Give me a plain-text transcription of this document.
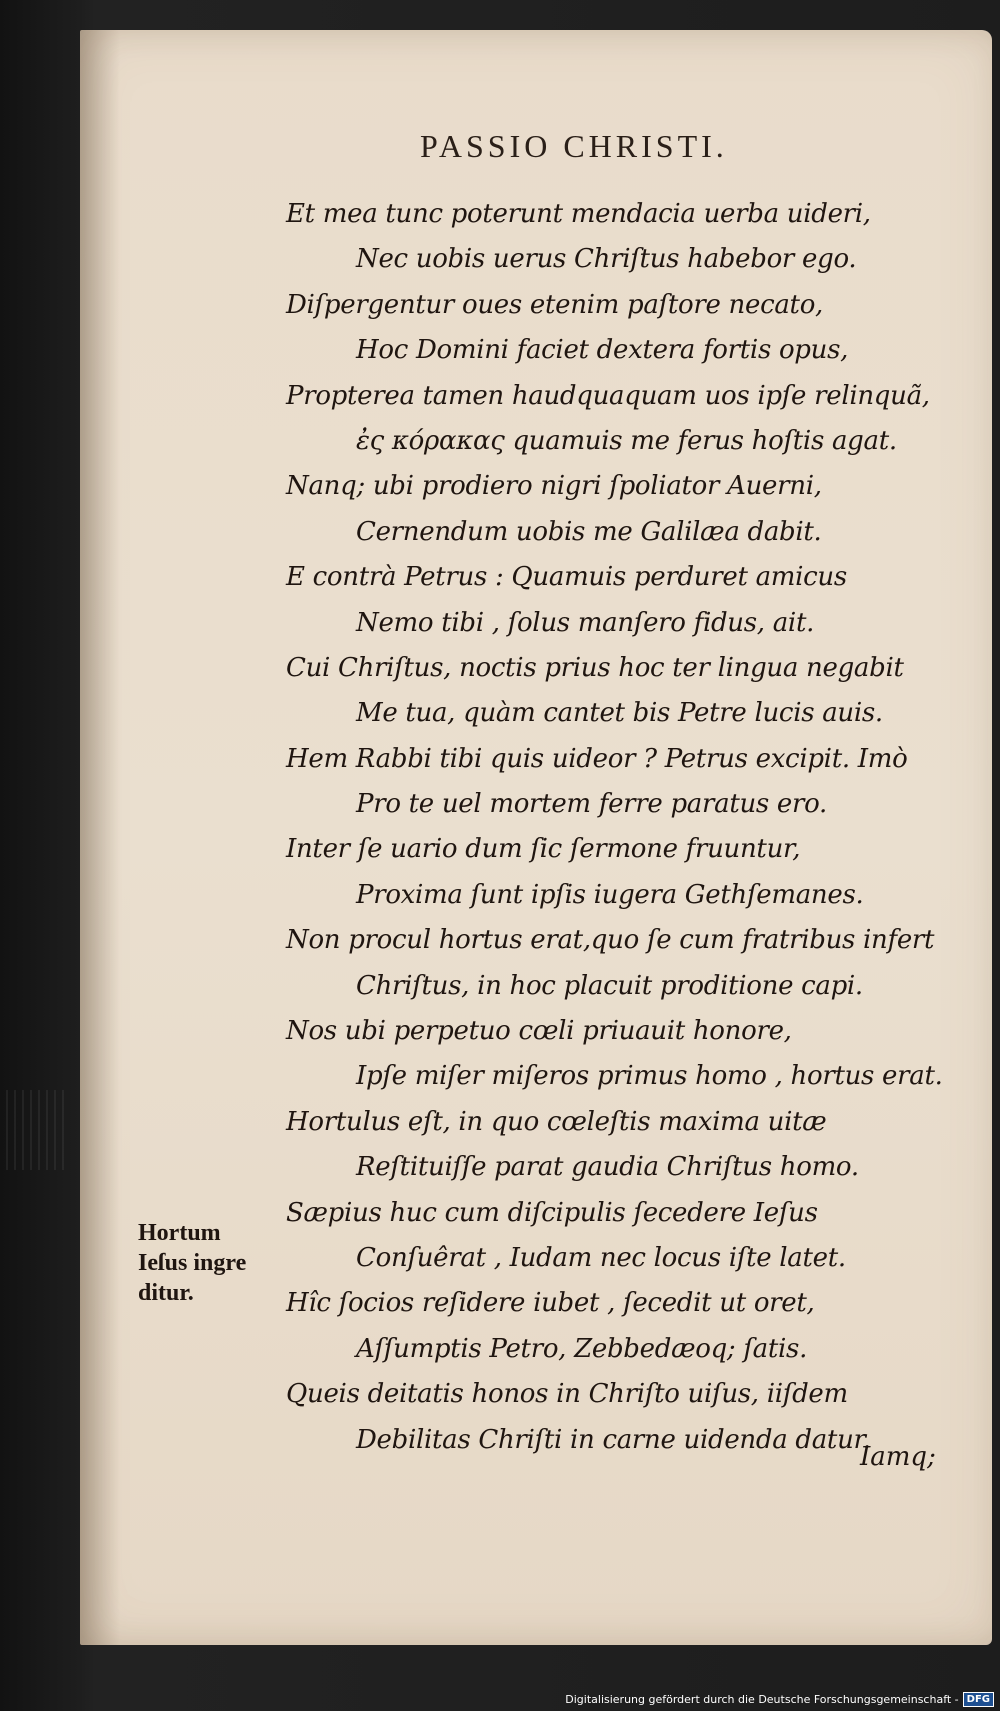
PASSIO CHRISTI.
Et mea tunc poterunt mendacia uerba uideri,
Nec uobis uerus Chriſtus habebor ego.
Diſpergentur oues etenim paſtore necato,
Hoc Domini faciet dextera fortis opus,
Propterea tamen haudquaquam uos ipſe relinquã,
ἐς κόρακας quamuis me ferus hoſtis agat.
Nanq; ubi prodiero nigri ſpoliator Auerni,
Cernendum uobis me Galilæa dabit.
E contrà Petrus : Quamuis perduret amicus
Nemo tibi , ſolus manſero fidus, ait.
Cui Chriſtus, noctis prius hoc ter lingua negabit
Me tua, quàm cantet bis Petre lucis auis.
Hem Rabbi tibi quis uideor ? Petrus excipit. Imò
Pro te uel mortem ferre paratus ero.
Inter ſe uario dum ſic ſermone fruuntur,
Proxima ſunt ipſis iugera Gethſemanes.
Non procul hortus erat,quo ſe cum fratribus infert
Chriſtus, in hoc placuit proditione capi.
Nos ubi perpetuo cœli priuauit honore,
Ipſe miſer miſeros primus homo , hortus erat.
Hortulus eſt, in quo cœleſtis maxima uitæ
Reſtituiſſe parat gaudia Chriſtus homo.
Sæpius huc cum diſcipulis ſecedere Ieſus
Conſuêrat , Iudam nec locus iſte latet.
Hîc ſocios reſidere iubet , ſecedit ut oret,
Aſſumptis Petro, Zebbedæoq; ſatis.
Queis deitatis honos in Chriſto uiſus, iiſdem
Debilitas Chriſti in carne uidenda datur.
Hortum
Ieſus ingre
ditur.
Iamq;
Digitalisierung gefördert durch die Deutsche Forschungsgemeinschaft - DFG
